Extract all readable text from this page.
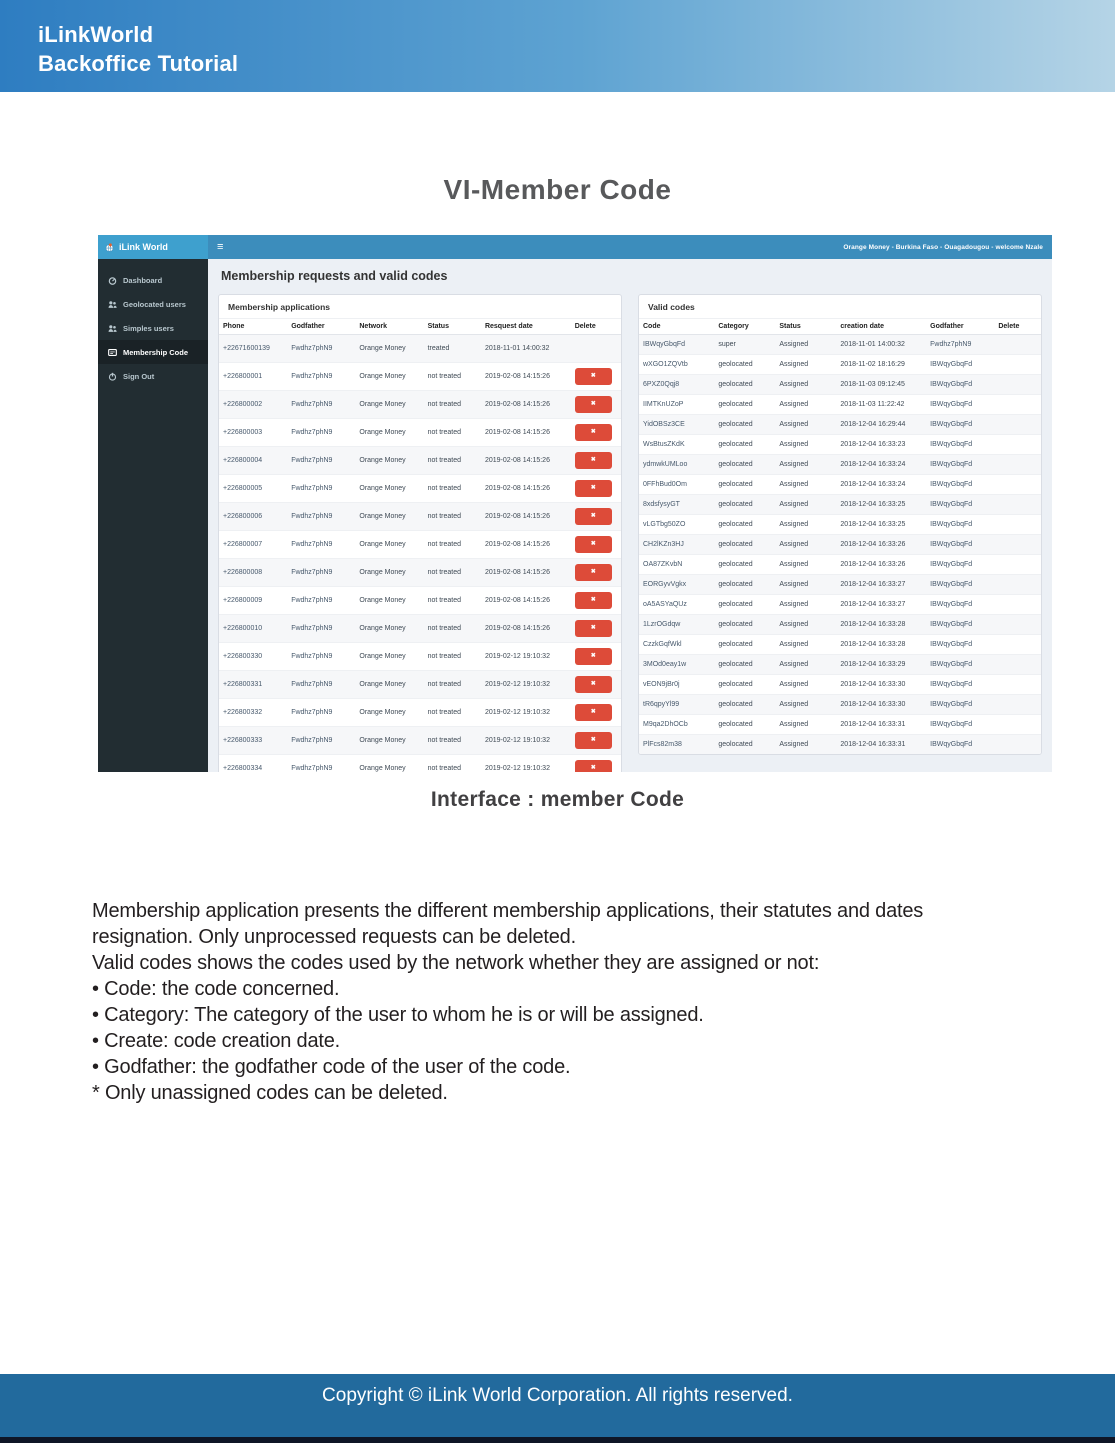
iLinkWorld
Backoffice Tutorial
VI-Member Code
iLink World	≡	Orange Money - Burkina Faso - Ouagadougou - welcome Nzale
Dashboard
Geolocated users
Simples users
Membership Code
Sign Out
Membership requests and valid codes
Membership applications
Phone	Godfather	Network	Status	Resquest date	Delete
+22671600139	Fwdhz7phN9	Orange Money	treated	2018-11-01 14:00:32	
+226800001	Fwdhz7phN9	Orange Money	not treated	2019-02-08 14:15:26	✖

+226800002	Fwdhz7phN9	Orange Money	not treated	2019-02-08 14:15:26	✖

+226800003	Fwdhz7phN9	Orange Money	not treated	2019-02-08 14:15:26	✖

+226800004	Fwdhz7phN9	Orange Money	not treated	2019-02-08 14:15:26	✖

+226800005	Fwdhz7phN9	Orange Money	not treated	2019-02-08 14:15:26	✖

+226800006	Fwdhz7phN9	Orange Money	not treated	2019-02-08 14:15:26	✖

+226800007	Fwdhz7phN9	Orange Money	not treated	2019-02-08 14:15:26	✖

+226800008	Fwdhz7phN9	Orange Money	not treated	2019-02-08 14:15:26	✖

+226800009	Fwdhz7phN9	Orange Money	not treated	2019-02-08 14:15:26	✖

+226800010	Fwdhz7phN9	Orange Money	not treated	2019-02-08 14:15:26	✖

+226800330	Fwdhz7phN9	Orange Money	not treated	2019-02-12 19:10:32	✖

+226800331	Fwdhz7phN9	Orange Money	not treated	2019-02-12 19:10:32	✖

+226800332	Fwdhz7phN9	Orange Money	not treated	2019-02-12 19:10:32	✖

+226800333	Fwdhz7phN9	Orange Money	not treated	2019-02-12 19:10:32	✖

+226800334	Fwdhz7phN9	Orange Money	not treated	2019-02-12 19:10:32	✖
Valid codes
Code	Category	Status	creation date	Godfather	Delete
IBWqyGbqFd	super	Assigned	2018-11-01 14:00:32	Fwdhz7phN9	
wXGO1ZQVtb	geolocated	Assigned	2018-11-02 18:16:29	IBWqyGbqFd	
6PXZ0Qqj8	geolocated	Assigned	2018-11-03 09:12:45	IBWqyGbqFd	
IIMTKnUZoP	geolocated	Assigned	2018-11-03 11:22:42	IBWqyGbqFd	
YidOBSz3CE	geolocated	Assigned	2018-12-04 16:29:44	IBWqyGbqFd	
WsBtusZKdK	geolocated	Assigned	2018-12-04 16:33:23	IBWqyGbqFd	
ydmwkUMLoo	geolocated	Assigned	2018-12-04 16:33:24	IBWqyGbqFd	
0FFhBud0Om	geolocated	Assigned	2018-12-04 16:33:24	IBWqyGbqFd	
8xdsfysyGT	geolocated	Assigned	2018-12-04 16:33:25	IBWqyGbqFd	
vLGTbg50ZO	geolocated	Assigned	2018-12-04 16:33:25	IBWqyGbqFd	
CH2lKZn3HJ	geolocated	Assigned	2018-12-04 16:33:26	IBWqyGbqFd	
OA87ZKvbN	geolocated	Assigned	2018-12-04 16:33:26	IBWqyGbqFd	
EORGyvVgkx	geolocated	Assigned	2018-12-04 16:33:27	IBWqyGbqFd	
oA5ASYaQUz	geolocated	Assigned	2018-12-04 16:33:27	IBWqyGbqFd	
1LzrOGdqw	geolocated	Assigned	2018-12-04 16:33:28	IBWqyGbqFd	
CzzkGqfWkl	geolocated	Assigned	2018-12-04 16:33:28	IBWqyGbqFd	
3MOd0eay1w	geolocated	Assigned	2018-12-04 16:33:29	IBWqyGbqFd	
vEON9jBr0j	geolocated	Assigned	2018-12-04 16:33:30	IBWqyGbqFd	
tR6qpyYl99	geolocated	Assigned	2018-12-04 16:33:30	IBWqyGbqFd	
M9qa2DhOCb	geolocated	Assigned	2018-12-04 16:33:31	IBWqyGbqFd	
PlFcs82m38	geolocated	Assigned	2018-12-04 16:33:31	IBWqyGbqFd	
Interface : member Code
Membership application presents the different membership applications, their statutes and dates
resignation. Only unprocessed requests can be deleted.
Valid codes shows the codes used by the network whether they are assigned or not:
• Code: the code concerned.
• Category: The category of the user to whom he is or will be assigned.
• Create: code creation date.
• Godfather: the godfather code of the user of the code.
* Only unassigned codes can be deleted.
Copyright © iLink World Corporation. All rights reserved.
